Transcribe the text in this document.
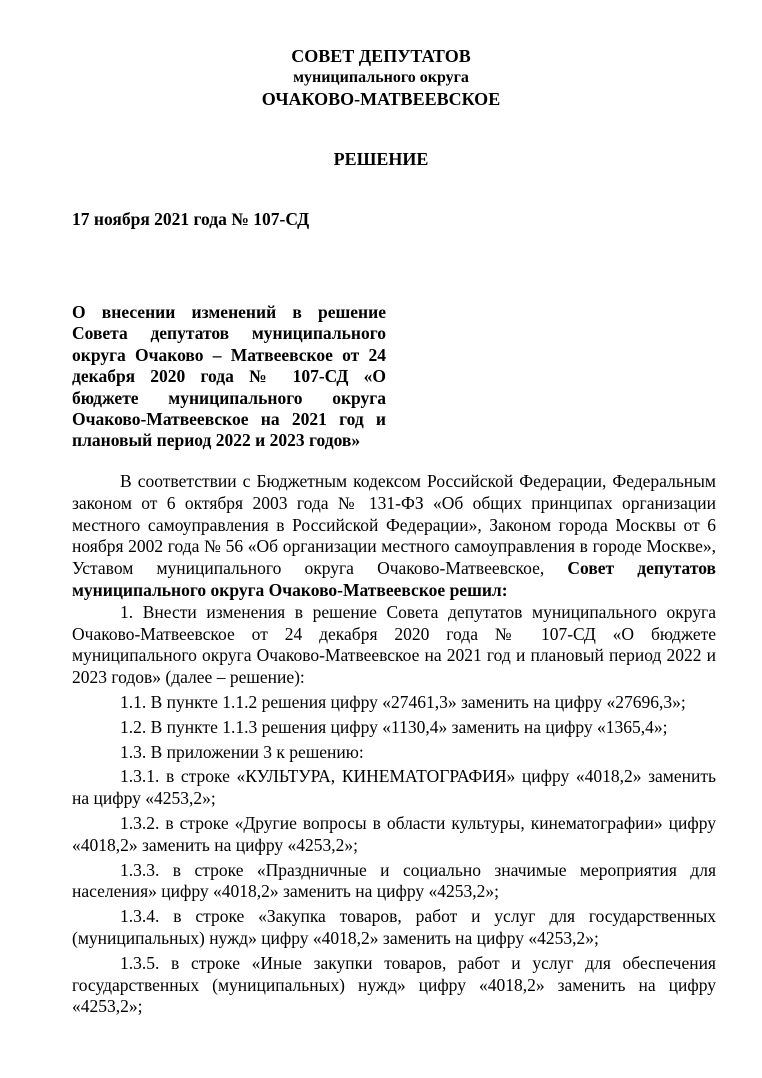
СОВЕТ ДЕПУТАТОВ
муниципального округа
ОЧАКОВО-МАТВЕЕВСКОЕ
РЕШЕНИЕ
17 ноября 2021 года № 107-СД
О внесении изменений в решение Совета депутатов муниципального округа Очаково – Матвеевское от 24 декабря 2020 года № 107-СД «О бюджете муниципального округа Очаково-Матвеевское на 2021 год и плановый период 2022 и 2023 годов»

В соответствии с Бюджетным кодексом Российской Федерации, Федеральным законом от 6 октября 2003 года № 131-ФЗ «Об общих принципах организации местного самоуправления в Российской Федерации», Законом города Москвы от 6 ноября 2002 года № 56 «Об организации местного самоуправления в городе Москве», Уставом муниципального округа Очаково-Матвеевское, Совет депутатов муниципального округа Очаково-Матвеевское решил:

1. Внести изменения в решение Совета депутатов муниципального округа Очаково-Матвеевское от 24 декабря 2020 года № 107-СД «О бюджете муниципального округа Очаково-Матвеевское на 2021 год и плановый период 2022 и 2023 годов» (далее – решение):

1.1. В пункте 1.1.2 решения цифру «27461,3» заменить на цифру «27696,3»;

1.2. В пункте 1.1.3 решения цифру «1130,4» заменить на цифру «1365,4»;

1.3. В приложении 3 к решению:

1.3.1. в строке «КУЛЬТУРА, КИНЕМАТОГРАФИЯ» цифру «4018,2» заменить на цифру «4253,2»;

1.3.2. в строке «Другие вопросы в области культуры, кинематографии» цифру «4018,2» заменить на цифру «4253,2»;

1.3.3. в строке «Праздничные и социально значимые мероприятия для населения» цифру «4018,2» заменить на цифру «4253,2»;

1.3.4. в строке «Закупка товаров, работ и услуг для государственных (муниципальных) нужд» цифру «4018,2» заменить на цифру «4253,2»;

1.3.5. в строке «Иные закупки товаров, работ и услуг для обеспечения государственных (муниципальных) нужд» цифру «4018,2» заменить на цифру «4253,2»;
